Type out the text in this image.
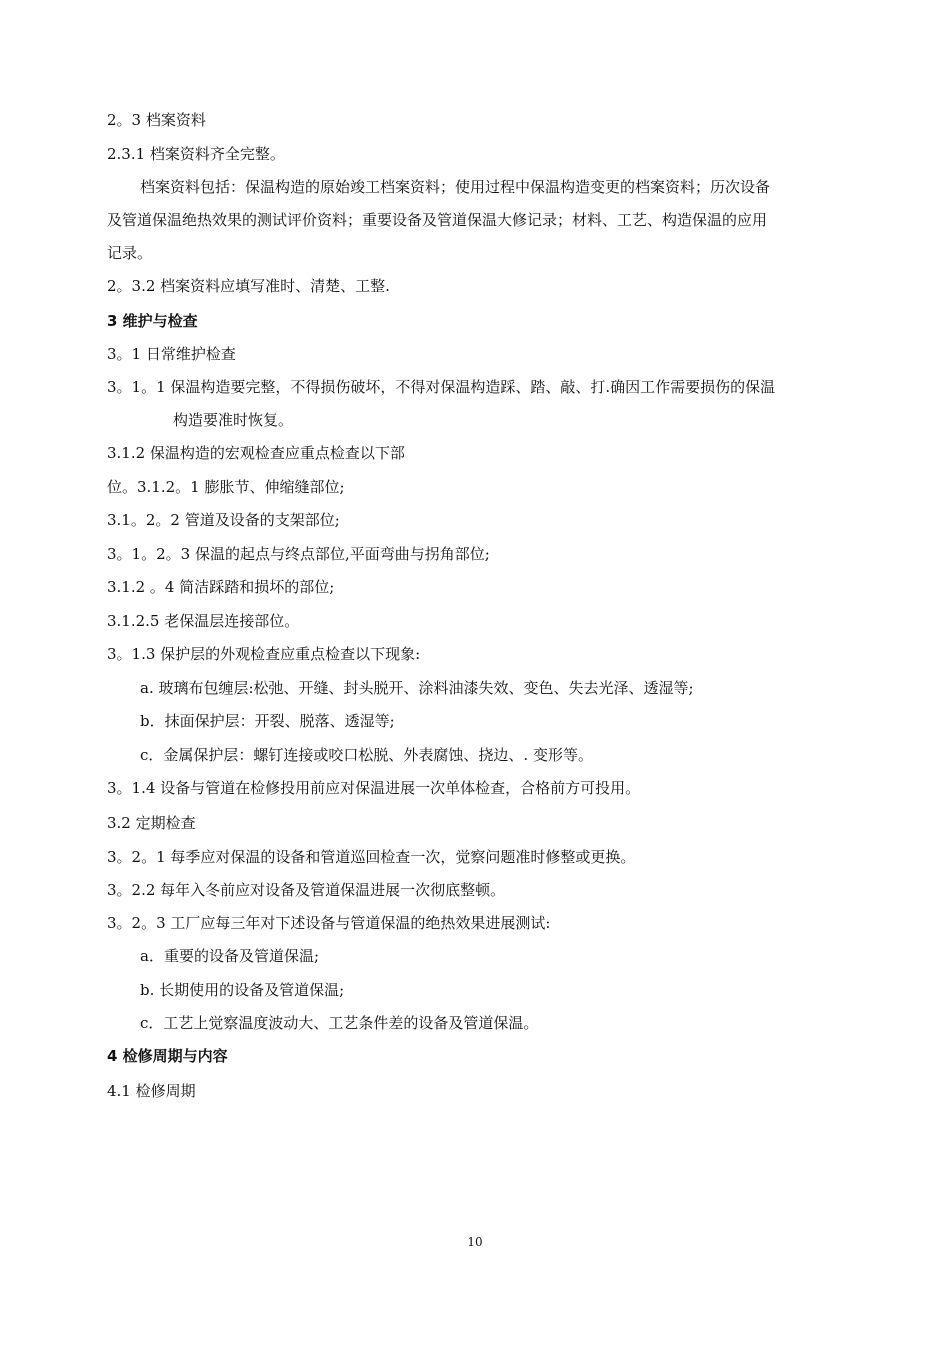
2。3 档案资料
2.3.1 档案资料齐全完整。
档案资料包括：保温构造的原始竣工档案资料；使用过程中保温构造变更的档案资料；历次设备
及管道保温绝热效果的测试评价资料；重要设备及管道保温大修记录；材料、工艺、构造保温的应用
记录。
2。3.2 档案资料应填写准时、清楚、工整.
3 维护与检查
3。1 日常维护检查
3。1。1 保温构造要完整，不得损伤破坏，不得对保温构造踩、踏、敲、打.确因工作需要损伤的保温
构造要准时恢复。
3.1.2 保温构造的宏观检查应重点检查以下部
位。3.1.2。1 膨胀节、伸缩缝部位;
3.1。2。2 管道及设备的支架部位;
3。1。2。3 保温的起点与终点部位,平面弯曲与拐角部位;
3.1.2 。4 简洁踩踏和损坏的部位;
3.1.2.5 老保温层连接部位。
3。1.3 保护层的外观检查应重点检查以下现象:
a. 玻璃布包缠层:松弛、开缝、封头脱开、涂料油漆失效、变色、失去光泽、透湿等;
b．抹面保护层：开裂、脱落、透湿等;
c．金属保护层：螺钉连接或咬口松脱、外表腐蚀、挠边、. 变形等。
3。1.4 设备与管道在检修投用前应对保温进展一次单体检查，合格前方可投用。
3.2 定期检查
3。2。1 每季应对保温的设备和管道巡回检查一次，觉察问题准时修整或更换。
3。2.2 每年入冬前应对设备及管道保温进展一次彻底整顿。
3。2。3 工厂应每三年对下述设备与管道保温的绝热效果进展测试:
a．重要的设备及管道保温;
b. 长期使用的设备及管道保温;
c．工艺上觉察温度波动大、工艺条件差的设备及管道保温。
4 检修周期与内容
4.1 检修周期
10
